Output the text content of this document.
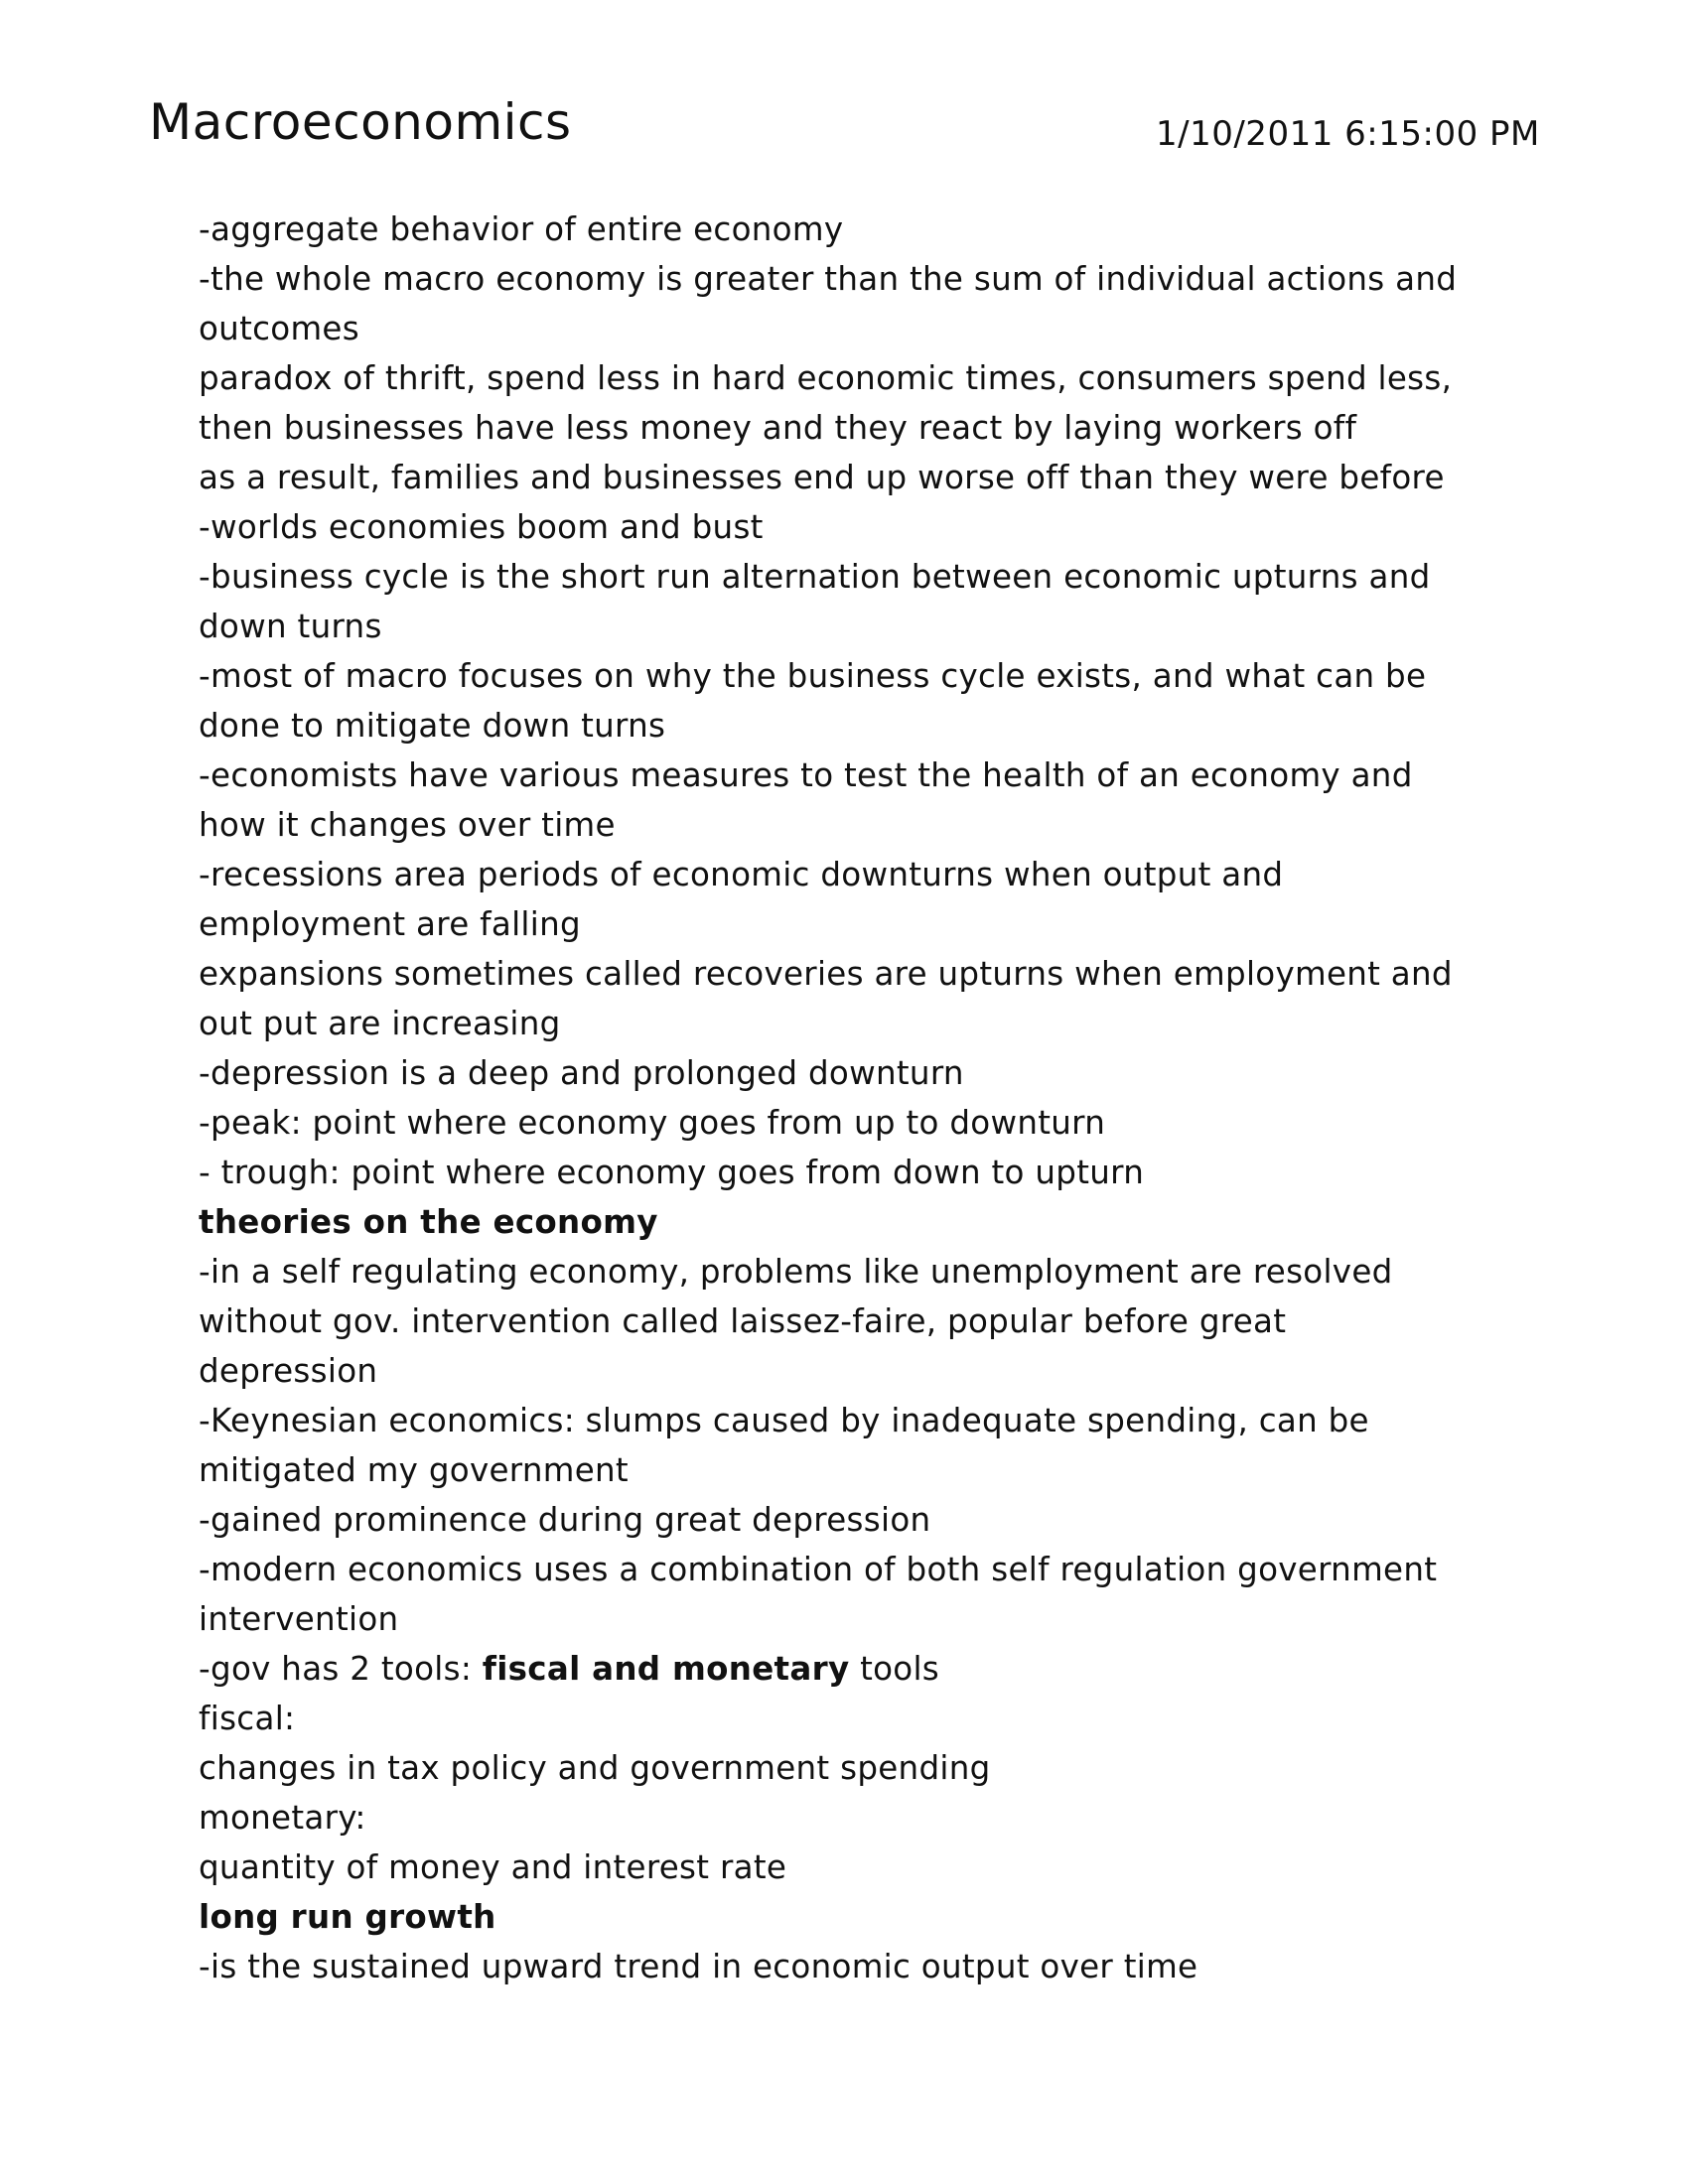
Macroeconomics	1/10/2011 6:15:00 PM
-aggregate behavior of entire economy
-the whole macro economy is greater than the sum of individual actions and
outcomes
paradox of thrift, spend less in hard economic times, consumers spend less,
then businesses have less money and they react by laying workers off
as a result, families and businesses end up worse off than they were before
-worlds economies boom and bust
-business cycle is the short run alternation between economic upturns and
down turns
-most of macro focuses on why the business cycle exists, and what can be
done to mitigate down turns
-economists have various measures to test the health of an economy and
how it changes over time
-recessions area periods of economic downturns when output and
employment are falling
expansions sometimes called recoveries are upturns when employment and
out put are increasing
-depression is a deep and prolonged downturn
-peak: point where economy goes from up to downturn
- trough: point where economy goes from down to upturn
theories on the economy
-in a self regulating economy, problems like unemployment are resolved
without gov. intervention called laissez-faire, popular before great
depression
-Keynesian economics: slumps caused by inadequate spending, can be
mitigated my government
-gained prominence during great depression
-modern economics uses a combination of both self regulation government
intervention
-gov has 2 tools: fiscal and monetary tools
fiscal:
changes in tax policy and government spending
monetary:
quantity of money and interest rate
long run growth
-is the sustained upward trend in economic output over time
